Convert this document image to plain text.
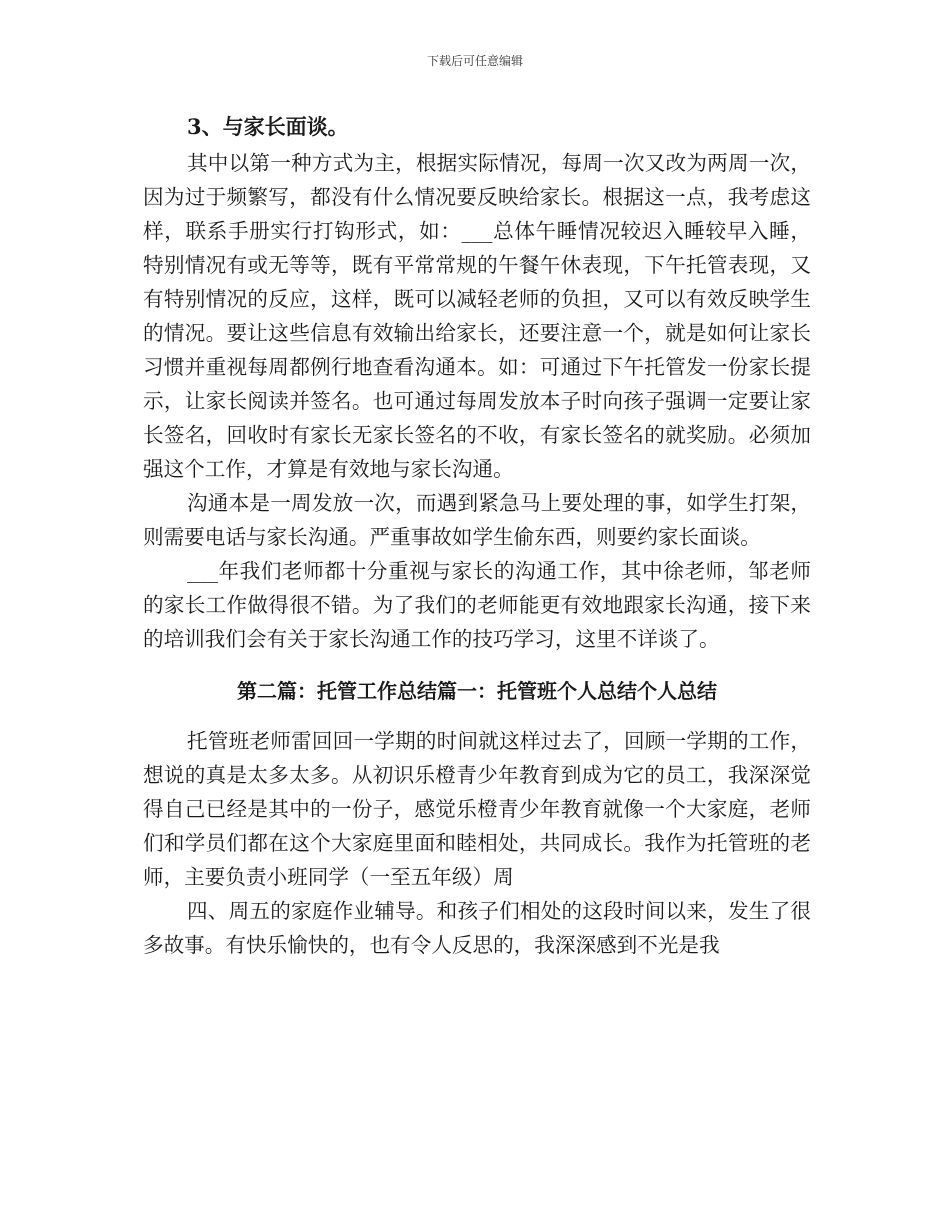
下载后可任意编辑

3、与家长面谈。

其中以第一种方式为主，根据实际情况，每周一次又改为两周一次，因为过于频繁写，都没有什么情况要反映给家长。根据这一点，我考虑这样，联系手册实行打钩形式，如：___总体午睡情况较迟入睡较早入睡，特别情况有或无等等，既有平常常规的午餐午休表现，下午托管表现，又有特别情况的反应，这样，既可以减轻老师的负担，又可以有效反映学生的情况。要让这些信息有效输出给家长，还要注意一个，就是如何让家长习惯并重视每周都例行地查看沟通本。如：可通过下午托管发一份家长提示，让家长阅读并签名。也可通过每周发放本子时向孩子强调一定要让家长签名，回收时有家长无家长签名的不收，有家长签名的就奖励。必须加强这个工作，才算是有效地与家长沟通。

沟通本是一周发放一次，而遇到紧急马上要处理的事，如学生打架，则需要电话与家长沟通。严重事故如学生偷东西，则要约家长面谈。

___年我们老师都十分重视与家长的沟通工作，其中徐老师，邹老师的家长工作做得很不错。为了我们的老师能更有效地跟家长沟通，接下来的培训我们会有关于家长沟通工作的技巧学习，这里不详谈了。

第二篇：托管工作总结篇一：托管班个人总结个人总结

托管班老师雷回回一学期的时间就这样过去了，回顾一学期的工作，想说的真是太多太多。从初识乐橙青少年教育到成为它的员工，我深深觉得自己已经是其中的一份子，感觉乐橙青少年教育就像一个大家庭，老师们和学员们都在这个大家庭里面和睦相处，共同成长。我作为托管班的老师，主要负责小班同学（一至五年级）周

四、周五的家庭作业辅导。和孩子们相处的这段时间以来，发生了很多故事。有快乐愉快的，也有令人反思的，我深深感到不光是我
